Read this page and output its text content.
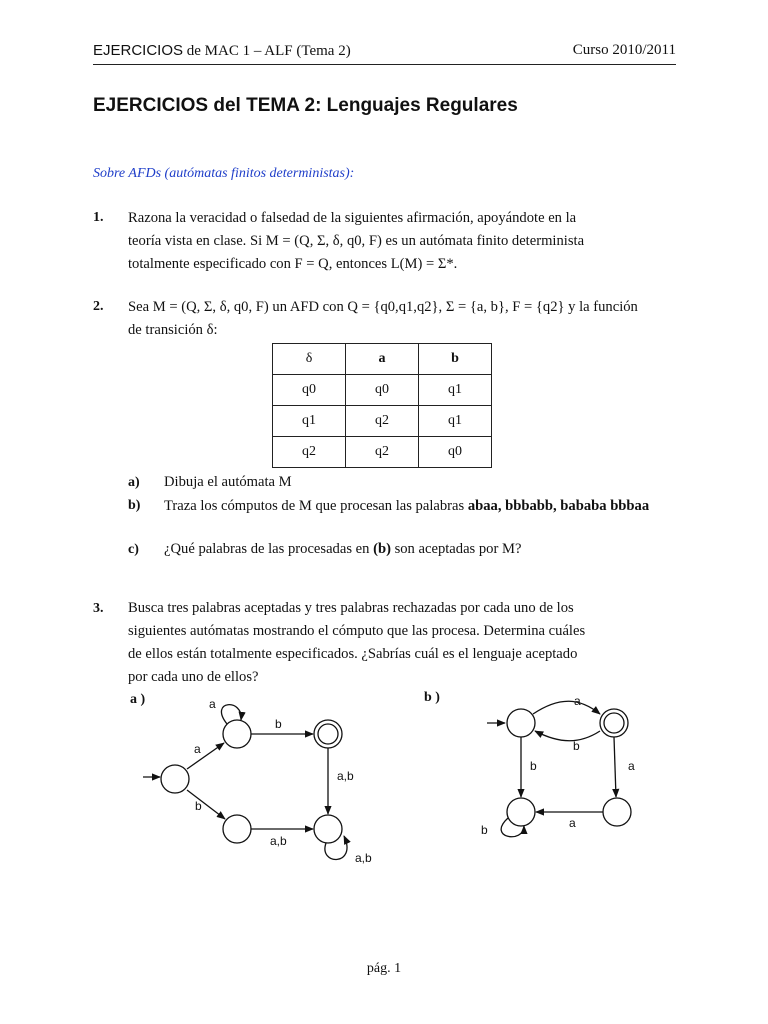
EJERCICIOS de MAC 1 – ALF (Tema 2)	Curso 2010/2011
EJERCICIOS del TEMA 2: Lenguajes Regulares
Sobre AFDs (autómatas finitos deterministas):
1. Razona la veracidad o falsedad de la siguientes afirmación, apoyándote en la
teoría vista en clase. Si M = (Q, Σ, δ, q0, F) es un autómata finito determinista
totalmente especificado con F = Q, entonces L(M) = Σ*.
2. Sea M = (Q, Σ, δ, q0, F) un AFD con Q = {q0,q1,q2}, Σ = {a, b}, F = {q2} y la función
de transición δ:
δ	a	b
q0	q0	q1
q1	q2	q1
q2	q2	q0
a) Dibuja el autómata M
b) Traza los cómputos de M que procesan las palabras abaa, bbbabb, bababa bbbaa
c) ¿Qué palabras de las procesadas en (b) son aceptadas por M?
3. Busca tres palabras aceptadas y tres palabras rechazadas por cada uno de los
siguientes autómatas mostrando el cómputo que las procesa. Determina cuáles
de ellos están totalmente especificados. ¿Sabrías cuál es el lenguaje aceptado
por cada uno de ellos?
a )	b )
a
a
b
b
a,b
a,b
a,b
a
b
b	a
a
b
pág. 1
